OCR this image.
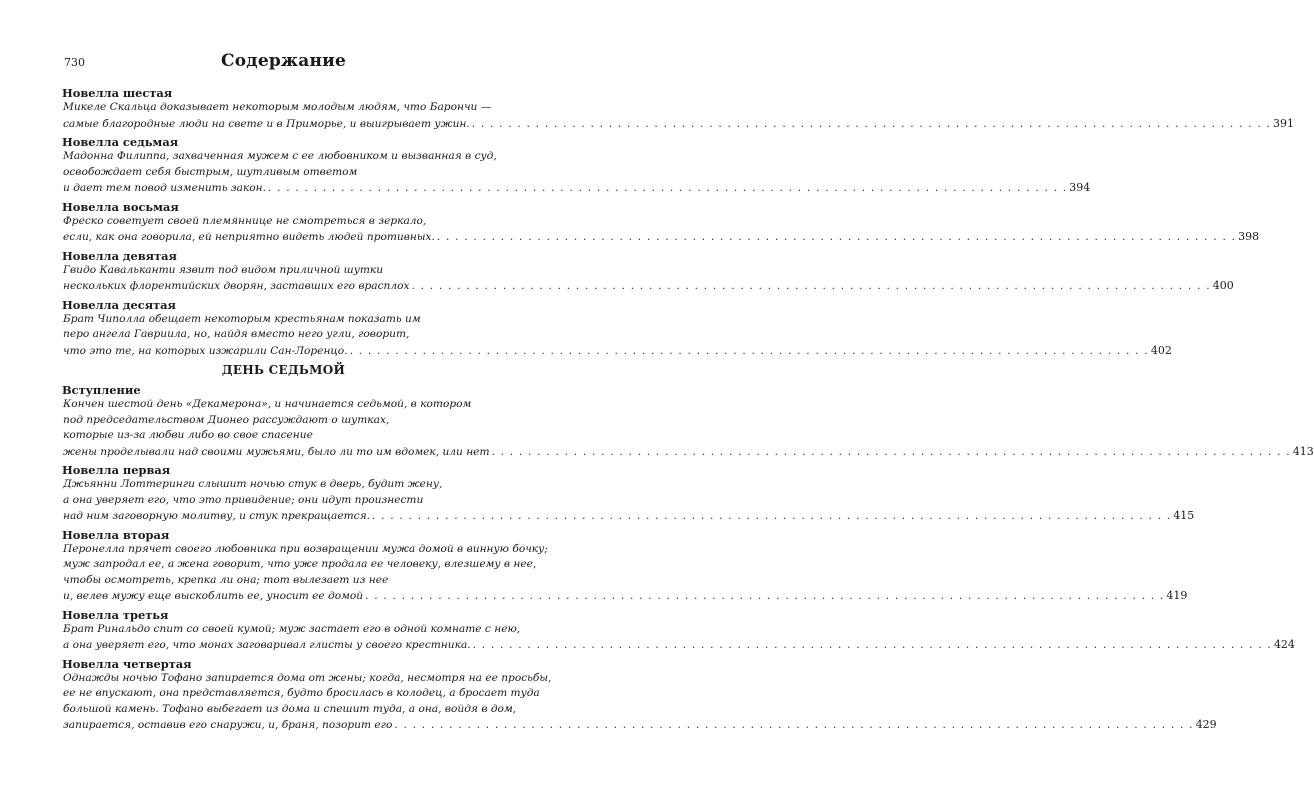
730	Содержание
Новелла шестая
Микеле Скальца доказывает некоторым молодым людям, что Барончи —
самые благородные люди на свете и в Приморье, и выигрывает ужин. . . .	391
Новелла седьмая
Мадонна Филиппа, захваченная мужем с ее любовником и вызванная в суд,
освобождает себя быстрым, шутливым ответом
и дает тем повод изменить закон. . . .	394
Новелла восьмая
Фреско советует своей племяннице не смотреться в зеркало,
если, как она говорила, ей неприятно видеть людей противных. . . .	398
Новелла девятая
Гвидо Кавальканти язвит под видом приличной шутки
нескольких флорентийских дворян, заставших его врасплох . . .	400
Новелла десятая
Брат Чиполла обещает некоторым крестьянам показать им
перо ангела Гавриила, но, найдя вместо него угли, говорит,
что это те, на которых изжарили Сан-Лоренцо. . . .	402
ДЕНЬ СЕДЬМОЙ
Вступление
Кончен шестой день «Декамерона», и начинается седьмой, в котором
под председательством Дионео рассуждают о шутках,
которые из-за любви либо во свое спасение
жены проделывали над своими мужьями, было ли то им вдомек, или нет . . .	413
Новелла первая
Джьянни Лоттеринги слышит ночью стук в дверь, будит жену,
а она уверяет его, что это привидение; они идут произнести
над ним заговорную молитву, и стук прекращается. . . .	415
Новелла вторая
Перонелла прячет своего любовника при возвращении мужа домой в винную бочку;
муж запродал ее, а жена говорит, что уже продала ее человеку, влезшему в нее,
чтобы осмотреть, крепка ли она; тот вылезает из нее
и, велев мужу еще выскоблить ее, уносит ее домой . . .	419
Новелла третья
Брат Ринальдо спит со своей кумой; муж застает его в одной комнате с нею,
а она уверяет его, что монах заговаривал глисты у своего крестника. . . .	424
Новелла четвертая
Однажды ночью Тофано запирается дома от жены; когда, несмотря на ее просьбы,
ее не впускают, она представляется, будто бросилась в колодец, а бросает туда
большой камень. Тофано выбегает из дома и спешит туда, а она, войдя в дом,
запирается, оставив его снаружи, и, браня, позорит его . . .	429
